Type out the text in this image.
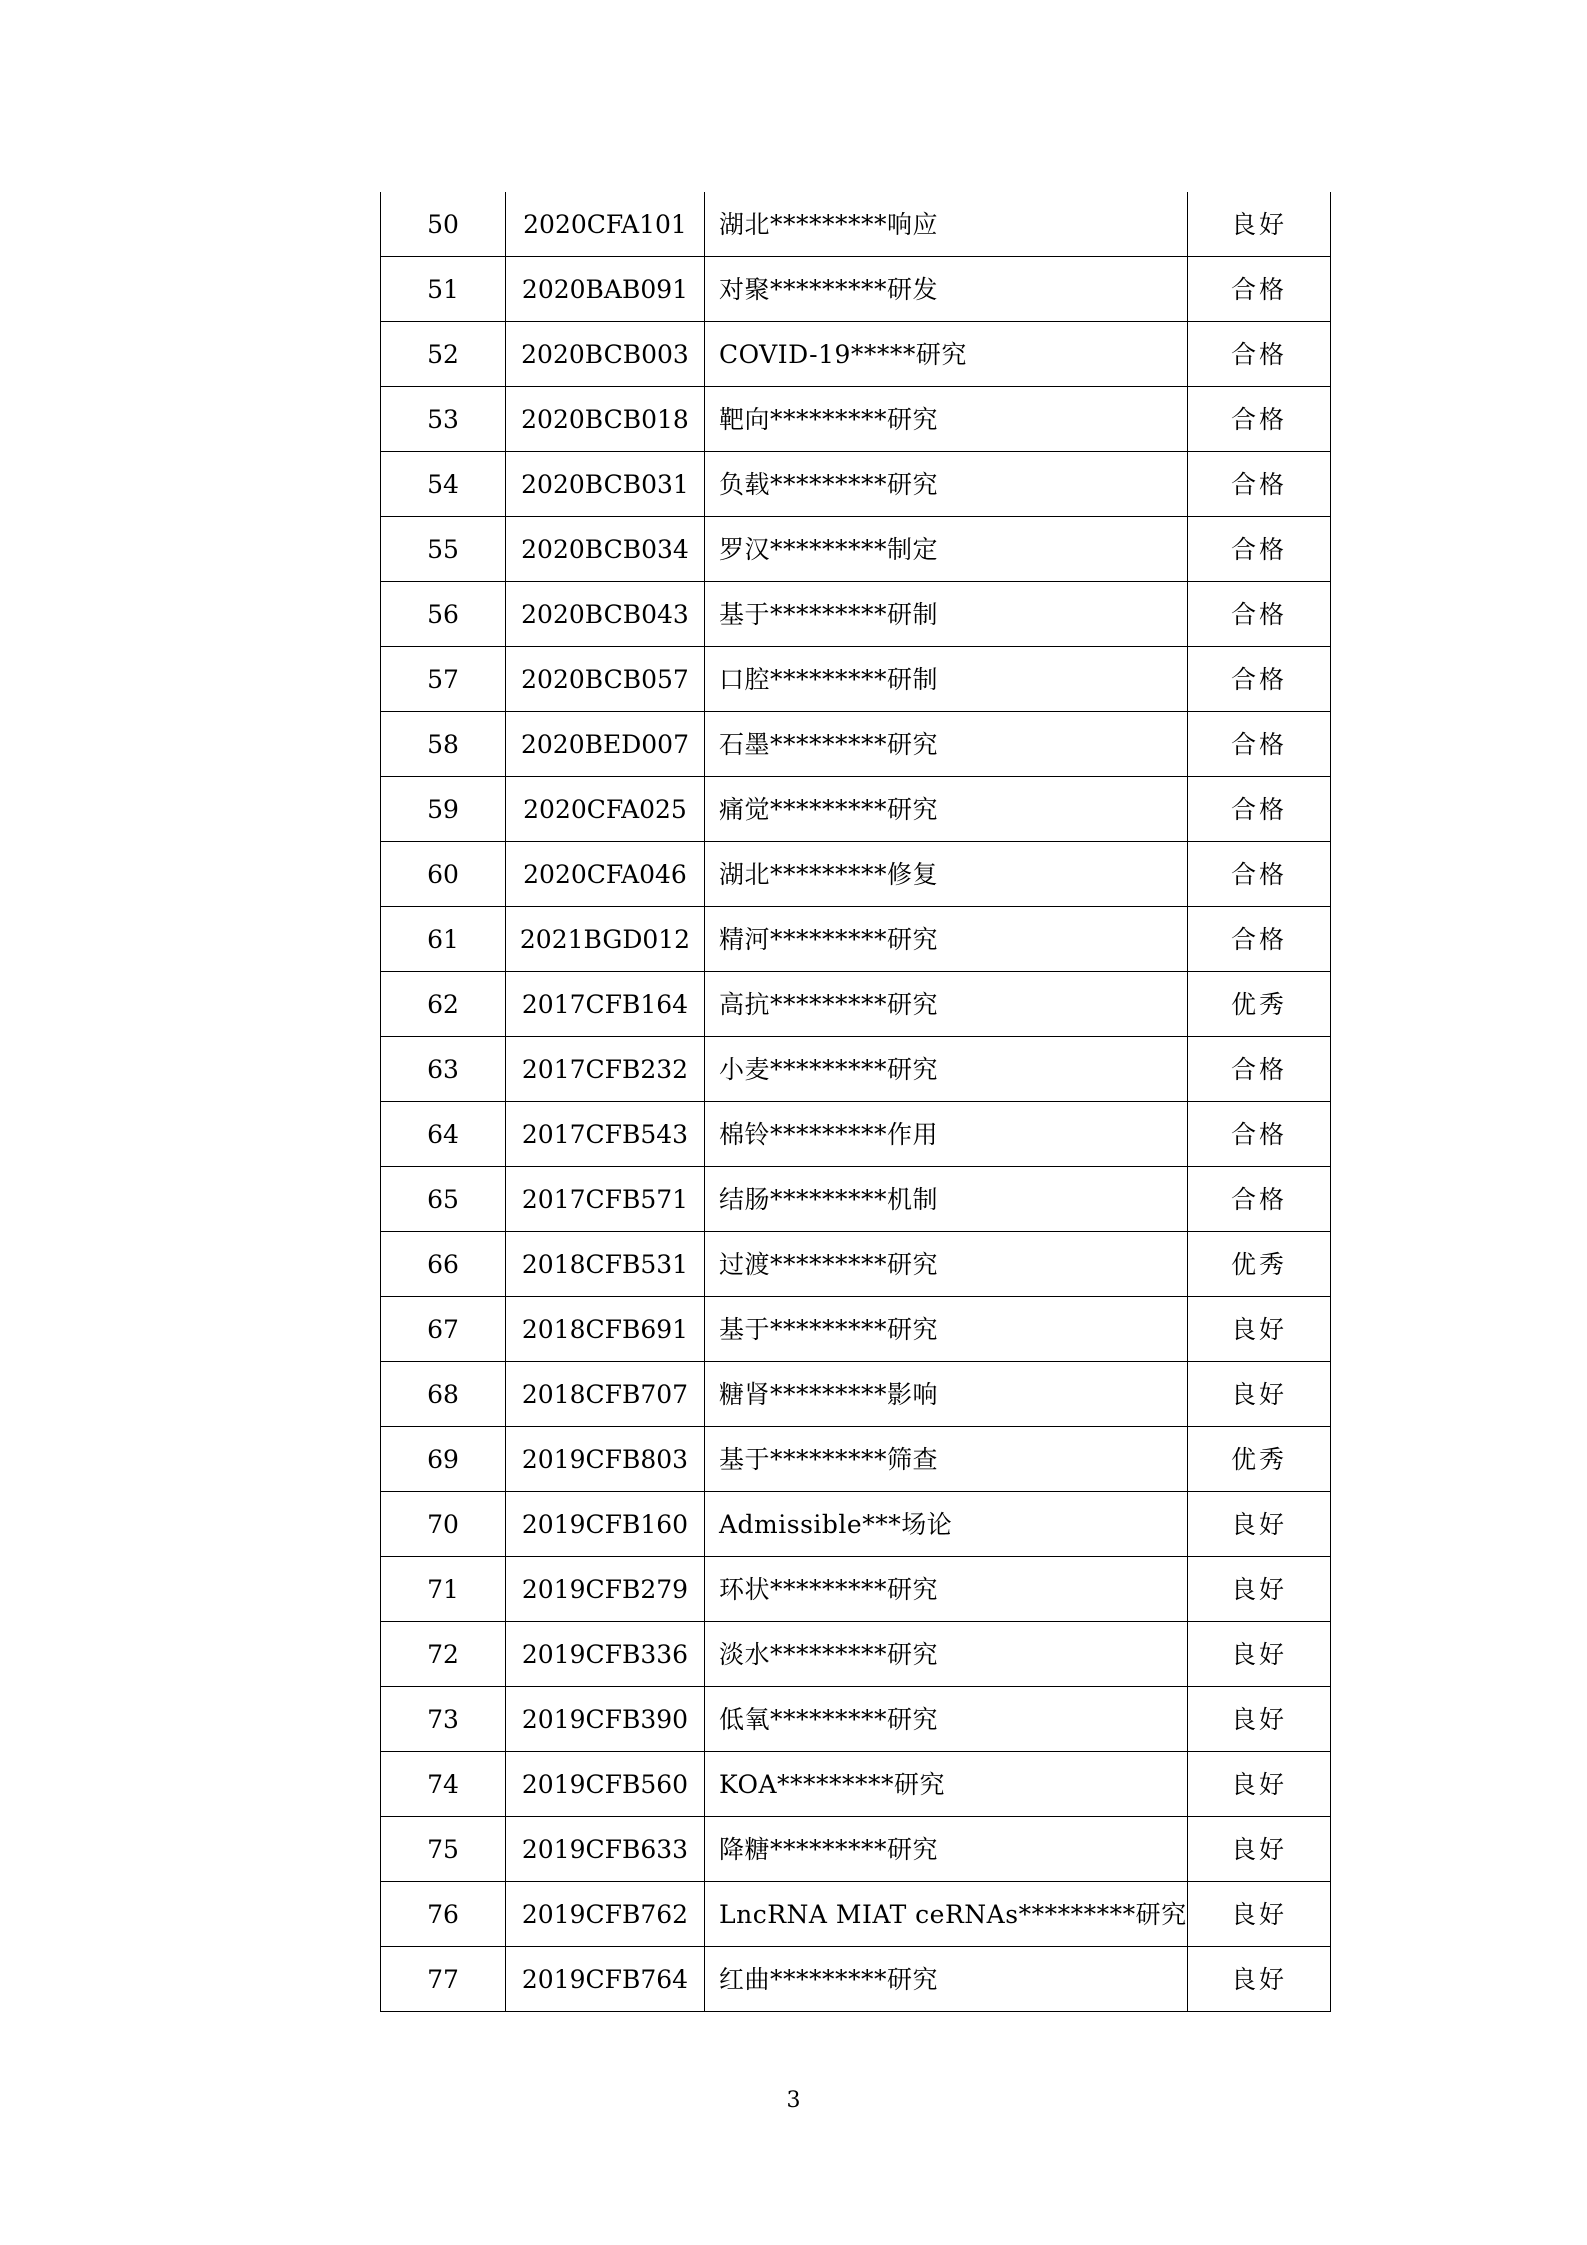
50	2020CFA101	湖北*********响应	良好
51	2020BAB091	对聚*********研发	合格
52	2020BCB003	COVID-19*****研究	合格
53	2020BCB018	靶向*********研究	合格
54	2020BCB031	负载*********研究	合格
55	2020BCB034	罗汉*********制定	合格
56	2020BCB043	基于*********研制	合格
57	2020BCB057	口腔*********研制	合格
58	2020BED007	石墨*********研究	合格
59	2020CFA025	痛觉*********研究	合格
60	2020CFA046	湖北*********修复	合格
61	2021BGD012	精河*********研究	合格
62	2017CFB164	高抗*********研究	优秀
63	2017CFB232	小麦*********研究	合格
64	2017CFB543	棉铃*********作用	合格
65	2017CFB571	结肠*********机制	合格
66	2018CFB531	过渡*********研究	优秀
67	2018CFB691	基于*********研究	良好
68	2018CFB707	糖肾*********影响	良好
69	2019CFB803	基于*********筛查	优秀
70	2019CFB160	Admissible***场论	良好
71	2019CFB279	环状*********研究	良好
72	2019CFB336	淡水*********研究	良好
73	2019CFB390	低氧*********研究	良好
74	2019CFB560	KOA*********研究	良好
75	2019CFB633	降糖*********研究	良好
76	2019CFB762	LncRNA MIAT ceRNAs*********研究	良好
77	2019CFB764	红曲*********研究	良好
3
